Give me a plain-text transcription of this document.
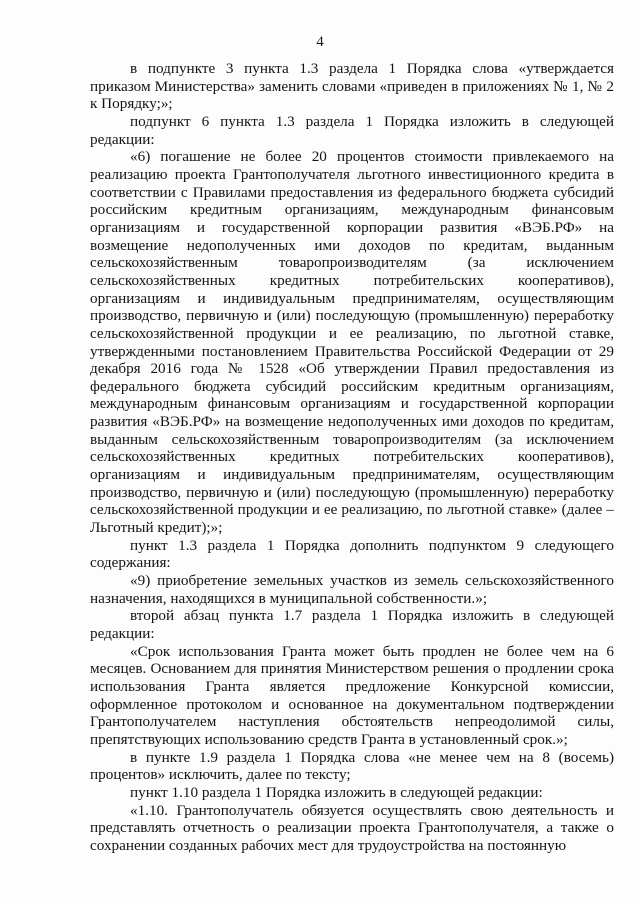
4

в подпункте 3 пункта 1.3 раздела 1 Порядка слова «утверждается приказом Министерства» заменить словами «приведен в приложениях № 1, № 2 к Порядку;»;

подпункт 6 пункта 1.3 раздела 1 Порядка изложить в следующей редакции:

«6) погашение не более 20 процентов стоимости привлекаемого на реализацию проекта Грантополучателя льготного инвестиционного кредита в соответствии с Правилами предоставления из федерального бюджета субсидий российским кредитным организациям, международным финансовым организациям и государственной корпорации развития «ВЭБ.РФ» на возмещение недополученных ими доходов по кредитам, выданным сельскохозяйственным товаропроизводителям (за исключением сельскохозяйственных кредитных потребительских кооперативов), организациям и индивидуальным предпринимателям, осуществляющим производство, первичную и (или) последующую (промышленную) переработку сельскохозяйственной продукции и ее реализацию, по льготной ставке, утвержденными постановлением Правительства Российской Федерации от 29 декабря 2016 года № 1528 «Об утверждении Правил предоставления из федерального бюджета субсидий российским кредитным организациям, международным финансовым организациям и государственной корпорации развития «ВЭБ.РФ» на возмещение недополученных ими доходов по кредитам, выданным сельскохозяйственным товаропроизводителям (за исключением сельскохозяйственных кредитных потребительских кооперативов), организациям и индивидуальным предпринимателям, осуществляющим производство, первичную и (или) последующую (промышленную) переработку сельскохозяйственной продукции и ее реализацию, по льготной ставке» (далее – Льготный кредит);»;

пункт 1.3 раздела 1 Порядка дополнить подпунктом 9 следующего содержания:

«9) приобретение земельных участков из земель сельскохозяйственного назначения, находящихся в муниципальной собственности.»;

второй абзац пункта 1.7 раздела 1 Порядка изложить в следующей редакции:

«Срок использования Гранта может быть продлен не более чем на 6 месяцев. Основанием для принятия Министерством решения о продлении срока использования Гранта является предложение Конкурсной комиссии, оформленное протоколом и основанное на документальном подтверждении Грантополучателем наступления обстоятельств непреодолимой силы, препятствующих использованию средств Гранта в установленный срок.»;

в пункте 1.9 раздела 1 Порядка слова «не менее чем на 8 (восемь) процентов» исключить, далее по тексту;

пункт 1.10 раздела 1 Порядка изложить в следующей редакции:

«1.10. Грантополучатель обязуется осуществлять свою деятельность и представлять отчетность о реализации проекта Грантополучателя, а также о сохранении созданных рабочих мест для трудоустройства на постоянную
